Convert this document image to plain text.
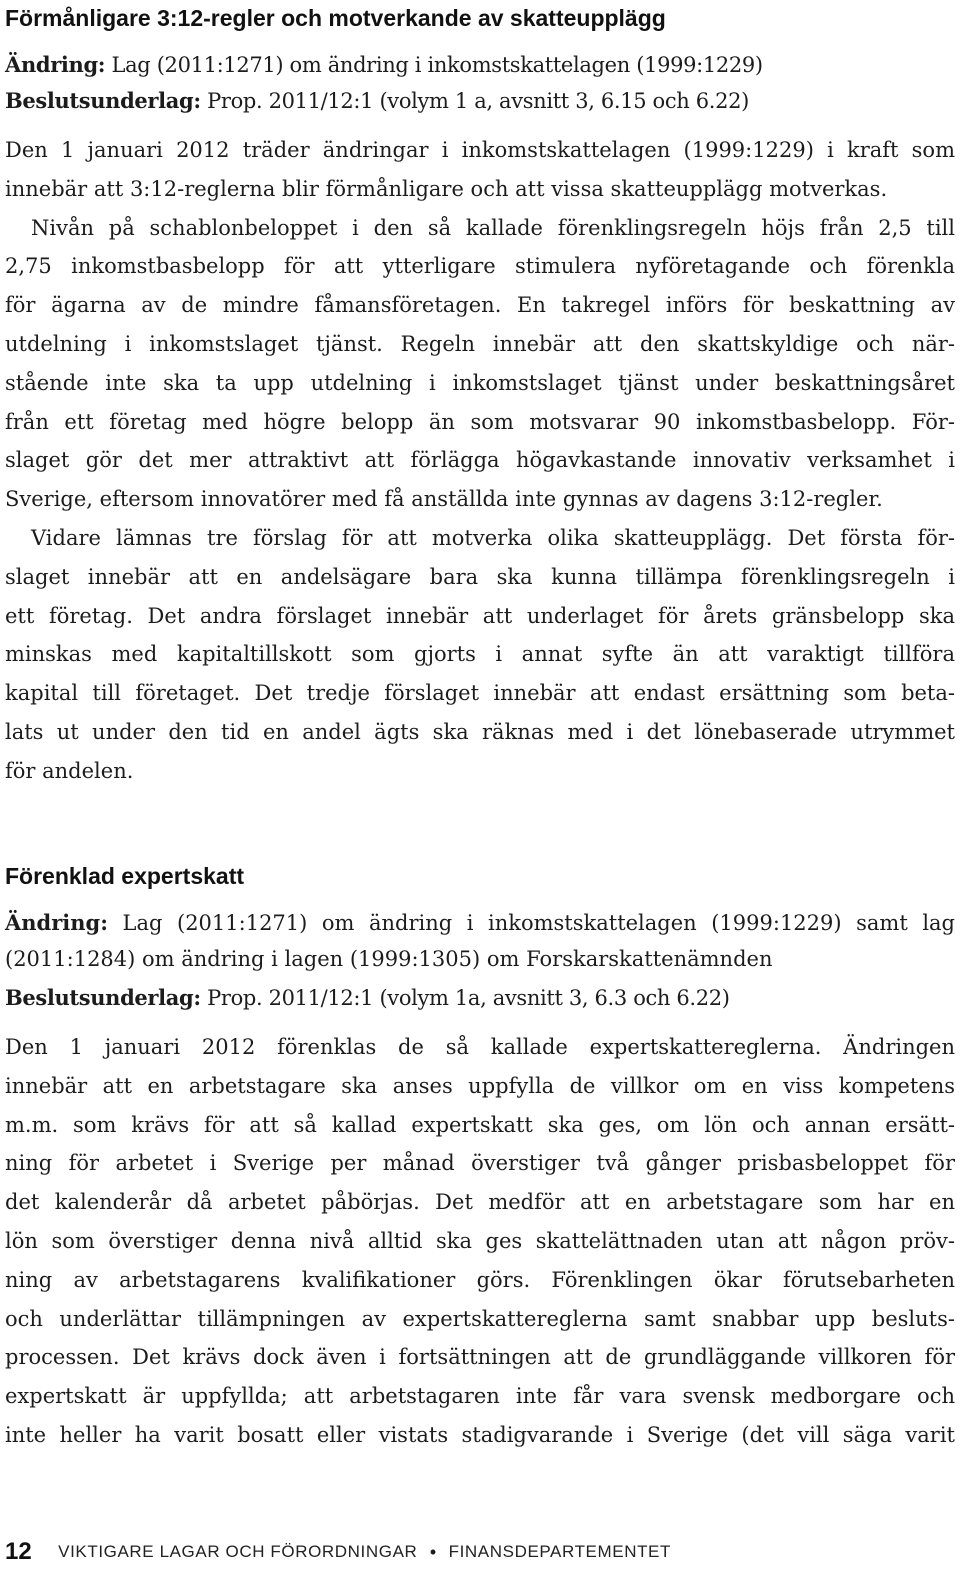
Förmånligare 3:12-regler och motverkande av skatteupplägg
Ändring: Lag (2011:1271) om ändring i inkomstskattelagen (1999:1229)
Beslutsunderlag: Prop. 2011/12:1 (volym 1 a, avsnitt 3, 6.15 och 6.22)
Den 1 januari 2012 träder ändringar i inkomstskattelagen (1999:1229) i kraft som
innebär att 3:12-reglerna blir förmånligare och att vissa skatteupplägg motverkas.
Nivån på schablonbeloppet i den så kallade förenklingsregeln höjs från 2,5 till
2,75 inkomstbasbelopp för att ytterligare stimulera nyföretagande och förenkla
för ägarna av de mindre fåmansföretagen. En takregel införs för beskattning av
utdelning i inkomstslaget tjänst. Regeln innebär att den skattskyldige och när-
stående inte ska ta upp utdelning i inkomstslaget tjänst under beskattningsåret
från ett företag med högre belopp än som motsvarar 90 inkomstbasbelopp. För-
slaget gör det mer attraktivt att förlägga högavkastande innovativ verksamhet i
Sverige, eftersom innovatörer med få anställda inte gynnas av dagens 3:12-regler.
Vidare lämnas tre förslag för att motverka olika skatteupplägg. Det första för-
slaget innebär att en andelsägare bara ska kunna tillämpa förenklingsregeln i
ett företag. Det andra förslaget innebär att underlaget för årets gränsbelopp ska
minskas med kapitaltillskott som gjorts i annat syfte än att varaktigt tillföra
kapital till företaget. Det tredje förslaget innebär att endast ersättning som beta-
lats ut under den tid en andel ägts ska räknas med i det lönebaserade utrymmet
för andelen.
Förenklad expertskatt
Ändring: Lag (2011:1271) om ändring i inkomstskattelagen (1999:1229) samt lag
(2011:1284) om ändring i lagen (1999:1305) om Forskarskattenämnden
Beslutsunderlag: Prop. 2011/12:1 (volym 1a, avsnitt 3, 6.3 och 6.22)
Den 1 januari 2012 förenklas de så kallade expertskattereglerna. Ändringen
innebär att en arbetstagare ska anses uppfylla de villkor om en viss kompetens
m.m. som krävs för att så kallad expertskatt ska ges, om lön och annan ersätt-
ning för arbetet i Sverige per månad överstiger två gånger prisbasbeloppet för
det kalenderår då arbetet påbörjas. Det medför att en arbetstagare som har en
lön som överstiger denna nivå alltid ska ges skattelättnaden utan att någon pröv-
ning av arbetstagarens kvalifikationer görs. Förenklingen ökar förutsebarheten
och underlättar tillämpningen av expertskattereglerna samt snabbar upp besluts-
processen. Det krävs dock även i fortsättningen att de grundläggande villkoren för
expertskatt är uppfyllda; att arbetstagaren inte får vara svensk medborgare och
inte heller ha varit bosatt eller vistats stadigvarande i Sverige (det vill säga varit
12 VIKTIGARE LAGAR OCH FÖRORDNINGAR • FINANSDEPARTEMENTET
